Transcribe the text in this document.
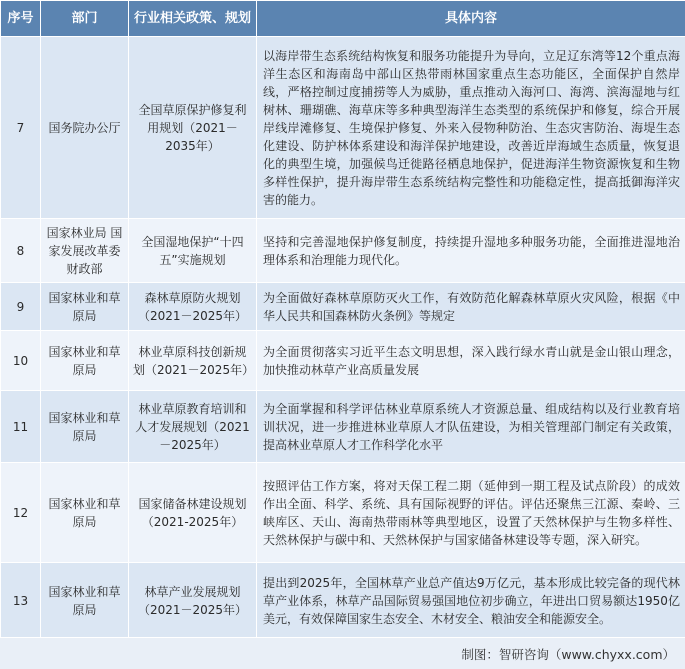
序号	部门	行业相关政策、规划	具体内容
7	国务院办公厅	全国草原保护修复利用规划（2021－2035年）	以海岸带生态系统结构恢复和服务功能提升为导向，立足辽东湾等12个重点海洋生态区和海南岛中部山区热带雨林国家重点生态功能区，全面保护自然岸线，严格控制过度捕捞等人为威胁，重点推动入海河口、海湾、滨海湿地与红树林、珊瑚礁、海草床等多种典型海洋生态类型的系统保护和修复，综合开展岸线岸滩修复、生境保护修复、外来入侵物种防治、生态灾害防治、海堤生态化建设、防护林体系建设和海洋保护地建设，改善近岸海域生态质量，恢复退化的典型生境，加强候鸟迁徙路径栖息地保护，促进海洋生物资源恢复和生物多样性保护，提升海岸带生态系统结构完整性和功能稳定性，提高抵御海洋灾害的能力。
8	国家林业局 国家发展改革委 财政部	全国湿地保护“十四五”实施规划	坚持和完善湿地保护修复制度，持续提升湿地多种服务功能，全面推进湿地治理体系和治理能力现代化。
9	国家林业和草原局	森林草原防火规划（2021－2025年）	为全面做好森林草原防灭火工作，有效防范化解森林草原火灾风险，根据《中华人民共和国森林防火条例》等规定
10	国家林业和草原局	林业草原科技创新规划（2021－2025年）	为全面贯彻落实习近平生态文明思想，深入践行绿水青山就是金山银山理念，加快推动林草产业高质量发展
11	国家林业和草原局	林业草原教育培训和人才发展规划（2021－2025年）	为全面掌握和科学评估林业草原系统人才资源总量、组成结构以及行业教育培训状况，进一步推进林业草原人才队伍建设，为相关管理部门制定有关政策，提高林业草原人才工作科学化水平
12	国家林业和草原局	国家储备林建设规划（2021-2025年）	按照评估工作方案，将对天保工程二期（延伸到一期工程及试点阶段）的成效作出全面、科学、系统、具有国际视野的评估。评估还聚焦三江源、秦岭、三峡库区、天山、海南热带雨林等典型地区，设置了天然林保护与生物多样性、天然林保护与碳中和、天然林保护与国家储备林建设等专题，深入研究。
13	国家林业和草原局	林草产业发展规划（2021－2025年）	提出到2025年，全国林草产业总产值达9万亿元，基本形成比较完备的现代林草产业体系，林草产品国际贸易强国地位初步确立，年进出口贸易额达1950亿美元，有效保障国家生态安全、木材安全、粮油安全和能源安全。
制图：智研咨询（www.chyxx.com）
